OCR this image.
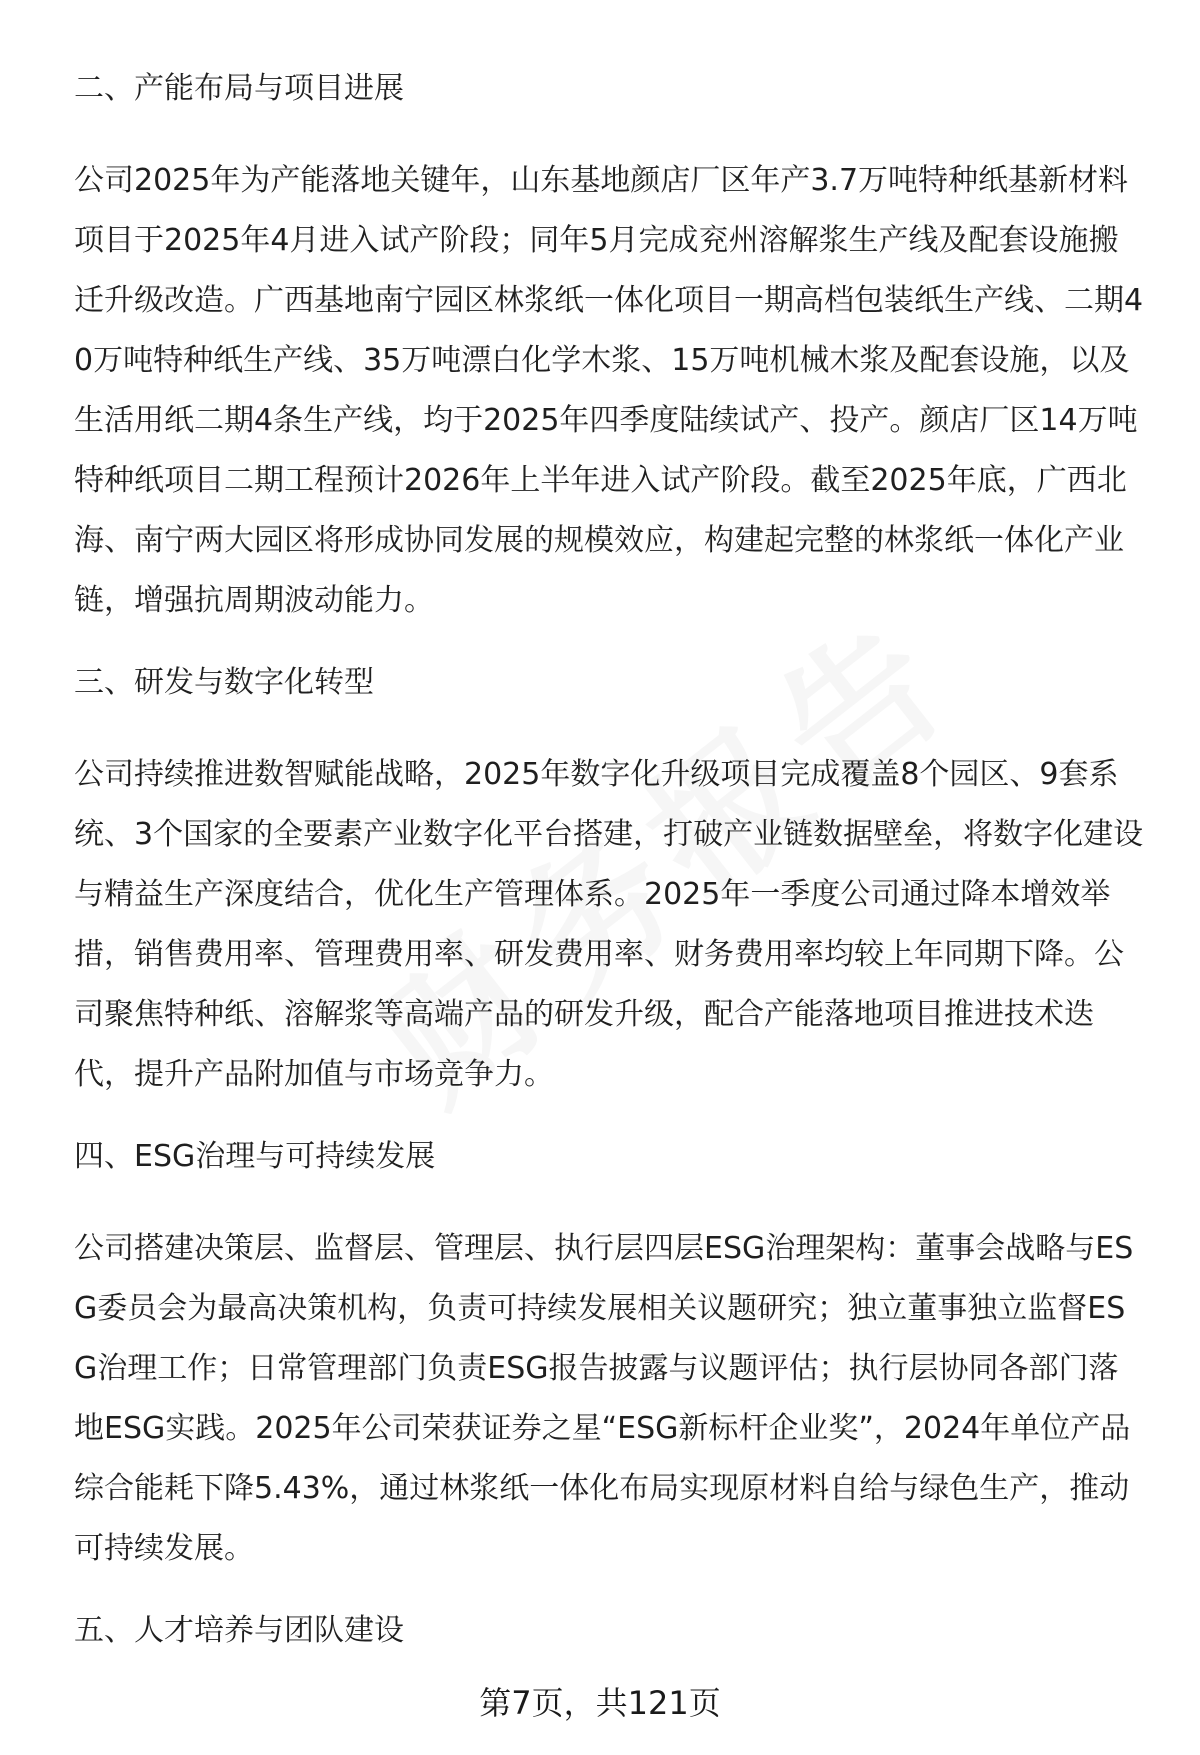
二、产能布局与项目进展

公司2025年为产能落地关键年，山东基地颜店厂区年产3.7万吨特种纸基新材料项目于2025年4月进入试产阶段；同年5月完成兖州溶解浆生产线及配套设施搬迁升级改造。广西基地南宁园区林浆纸一体化项目一期高档包装纸生产线、二期40万吨特种纸生产线、35万吨漂白化学木浆、15万吨机械木浆及配套设施，以及生活用纸二期4条生产线，均于2025年四季度陆续试产、投产。颜店厂区14万吨特种纸项目二期工程预计2026年上半年进入试产阶段。截至2025年底，广西北海、南宁两大园区将形成协同发展的规模效应，构建起完整的林浆纸一体化产业链，增强抗周期波动能力。

三、研发与数字化转型

公司持续推进数智赋能战略，2025年数字化升级项目完成覆盖8个园区、9套系统、3个国家的全要素产业数字化平台搭建，打破产业链数据壁垒，将数字化建设与精益生产深度结合，优化生产管理体系。2025年一季度公司通过降本增效举措，销售费用率、管理费用率、研发费用率、财务费用率均较上年同期下降。公司聚焦特种纸、溶解浆等高端产品的研发升级，配合产能落地项目推进技术迭代，提升产品附加值与市场竞争力。

四、ESG治理与可持续发展

公司搭建决策层、监督层、管理层、执行层四层ESG治理架构：董事会战略与ESG委员会为最高决策机构，负责可持续发展相关议题研究；独立董事独立监督ESG治理工作；日常管理部门负责ESG报告披露与议题评估；执行层协同各部门落地ESG实践。2025年公司荣获证券之星“ESG新标杆企业奖”，2024年单位产品综合能耗下降5.43%，通过林浆纸一体化布局实现原材料自给与绿色生产，推动可持续发展。

五、人才培养与团队建设
第7页，共121页
